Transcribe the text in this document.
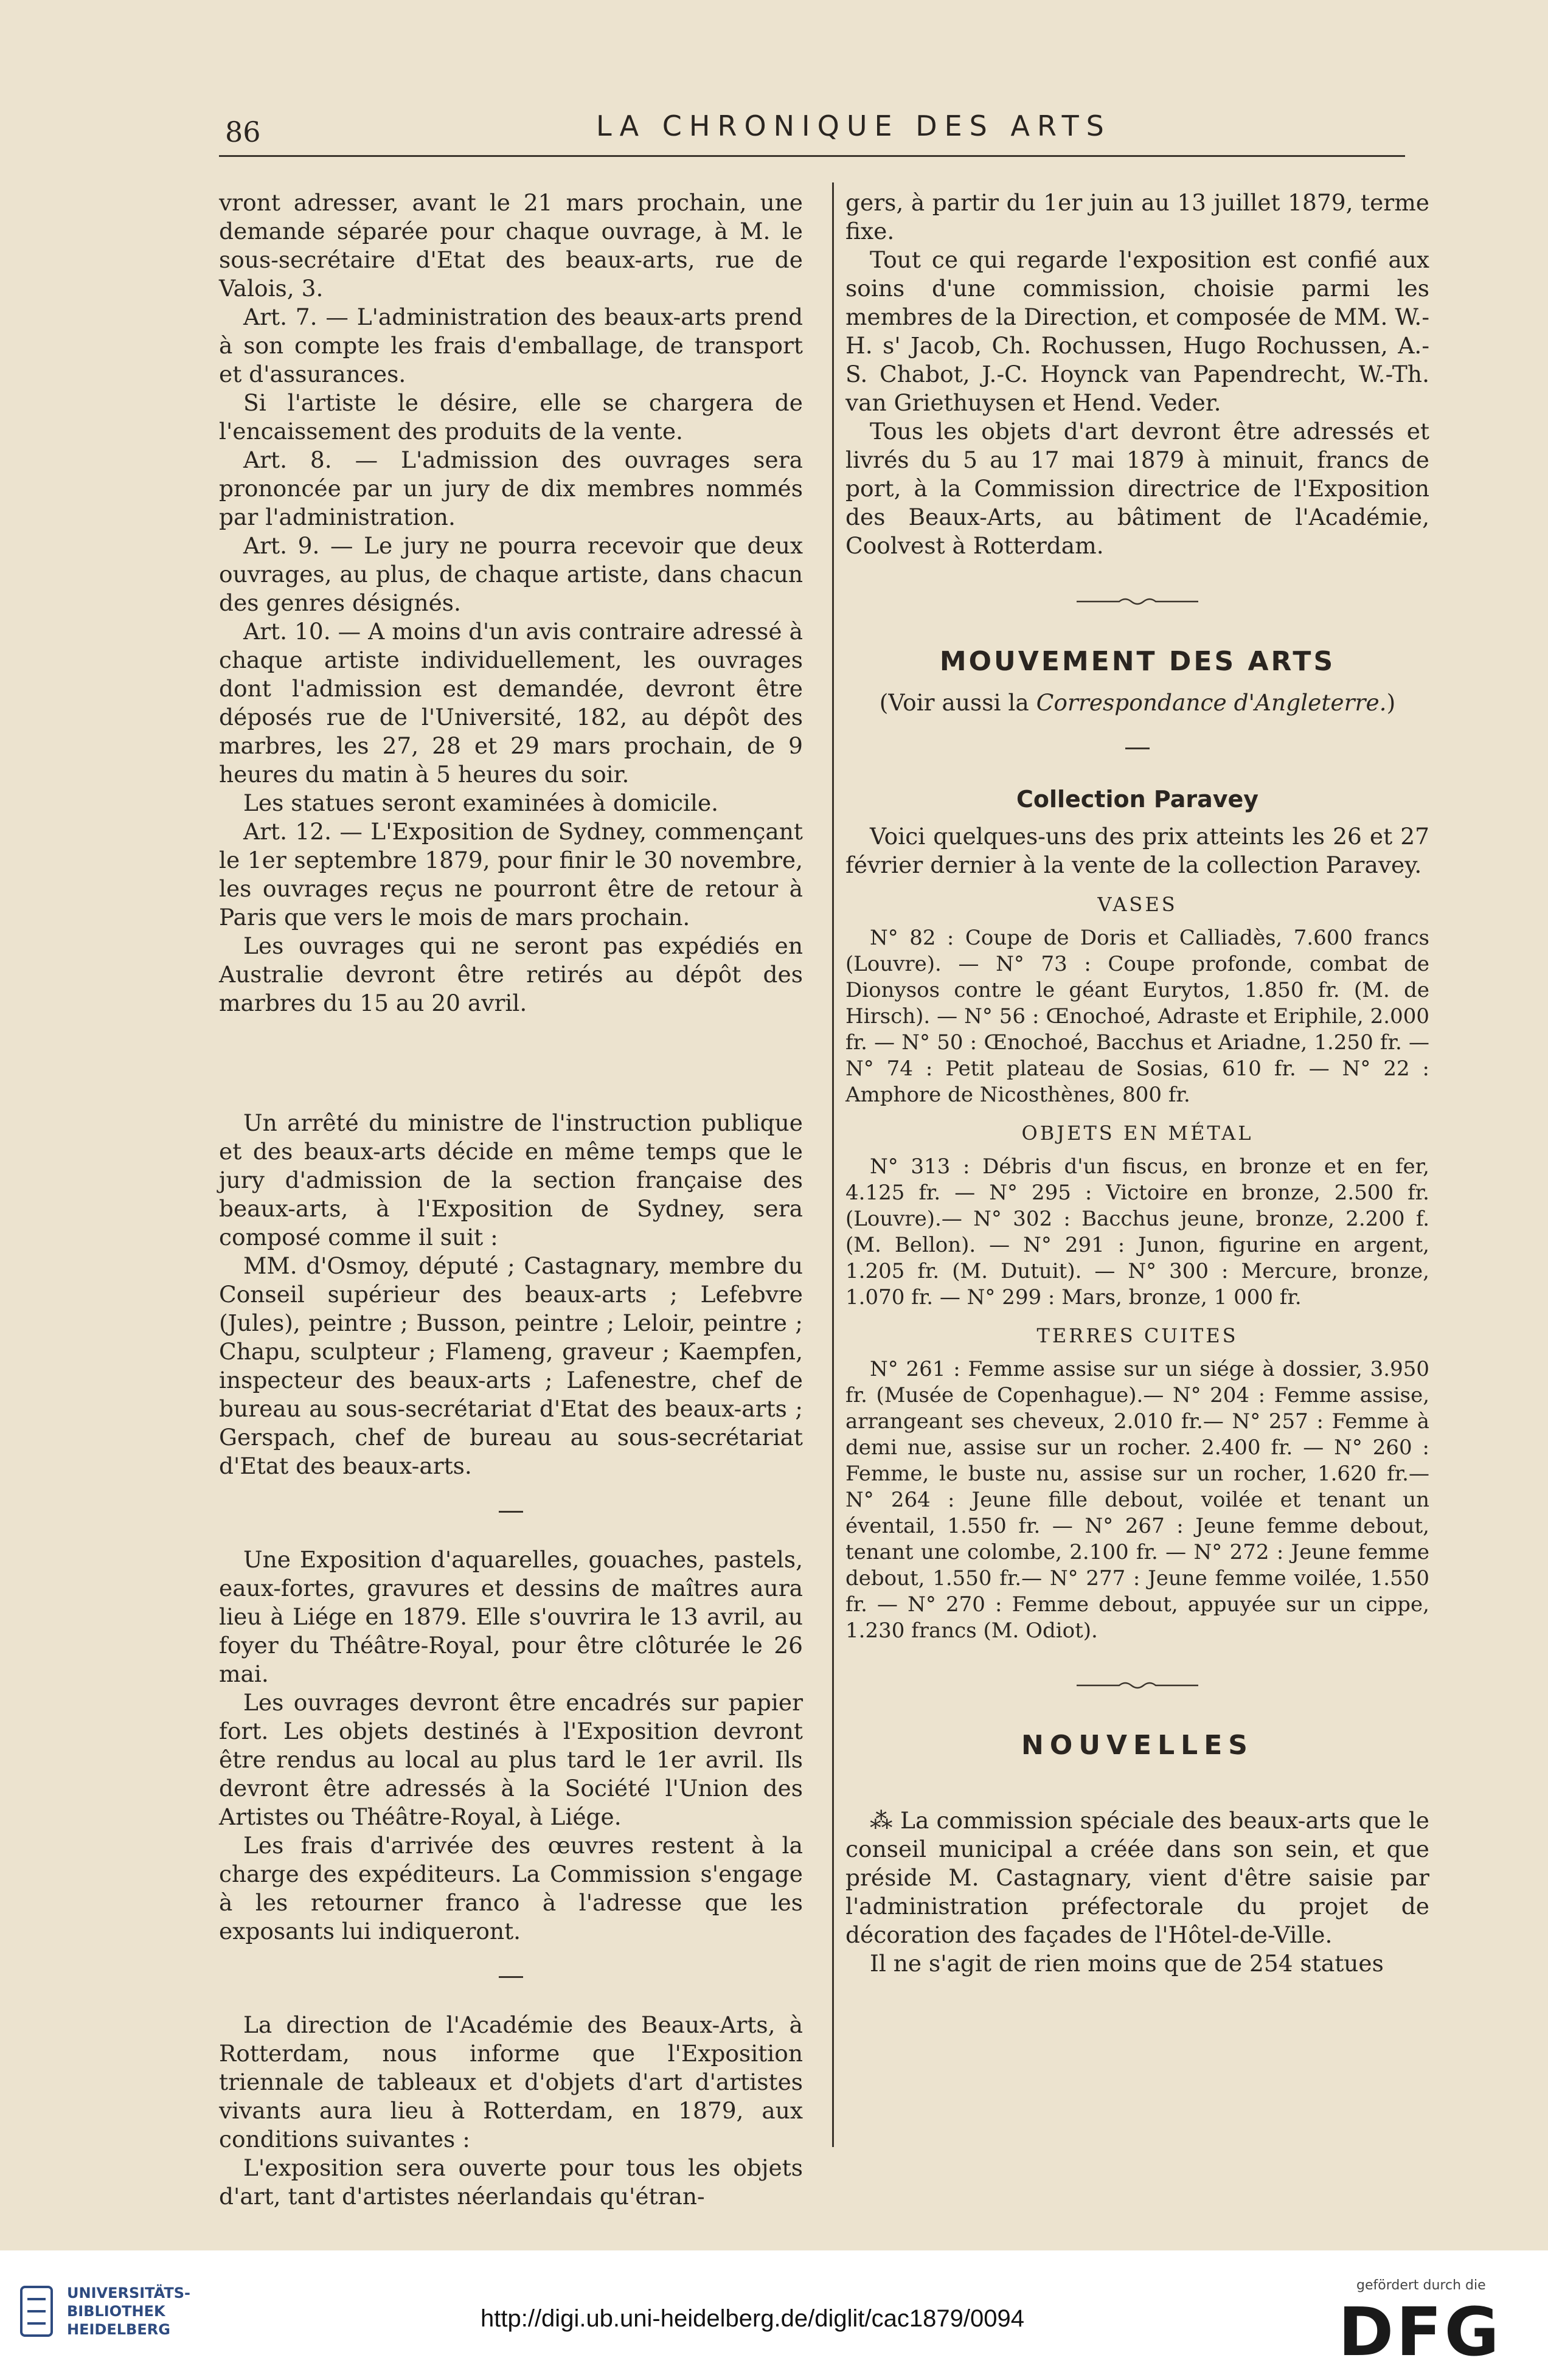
86	LA CHRONIQUE DES ARTS

vront adresser, avant le 21 mars prochain, une demande séparée pour chaque ouvrage, à M. le sous-secrétaire d'Etat des beaux-arts, rue de Valois, 3.

Art. 7. — L'administration des beaux-arts prend à son compte les frais d'emballage, de transport et d'assurances.

Si l'artiste le désire, elle se chargera de l'encaissement des produits de la vente.

Art. 8. — L'admission des ouvrages sera prononcée par un jury de dix membres nommés par l'administration.

Art. 9. — Le jury ne pourra recevoir que deux ouvrages, au plus, de chaque artiste, dans chacun des genres désignés.

Art. 10. — A moins d'un avis contraire adressé à chaque artiste individuellement, les ouvrages dont l'admission est demandée, devront être déposés rue de l'Université, 182, au dépôt des marbres, les 27, 28 et 29 mars prochain, de 9 heures du matin à 5 heures du soir.

Les statues seront examinées à domicile.

Art. 12. — L'Exposition de Sydney, commençant le 1er septembre 1879, pour finir le 30 novembre, les ouvrages reçus ne pourront être de retour à Paris que vers le mois de mars prochain.

Les ouvrages qui ne seront pas expédiés en Australie devront être retirés au dépôt des marbres du 15 au 20 avril.

Un arrêté du ministre de l'instruction publique et des beaux-arts décide en même temps que le jury d'admission de la section française des beaux-arts, à l'Exposition de Sydney, sera composé comme il suit :

MM. d'Osmoy, député ; Castagnary, membre du Conseil supérieur des beaux-arts ; Lefebvre (Jules), peintre ; Busson, peintre ; Leloir, peintre ; Chapu, sculpteur ; Flameng, graveur ; Kaempfen, inspecteur des beaux-arts ; Lafenestre, chef de bureau au sous-secrétariat d'Etat des beaux-arts ; Gerspach, chef de bureau au sous-secrétariat d'Etat des beaux-arts.

Une Exposition d'aquarelles, gouaches, pastels, eaux-fortes, gravures et dessins de maîtres aura lieu à Liége en 1879. Elle s'ouvrira le 13 avril, au foyer du Théâtre-Royal, pour être clôturée le 26 mai.

Les ouvrages devront être encadrés sur papier fort. Les objets destinés à l'Exposition devront être rendus au local au plus tard le 1er avril. Ils devront être adressés à la Société l'Union des Artistes ou Théâtre-Royal, à Liége.

Les frais d'arrivée des œuvres restent à la charge des expéditeurs. La Commission s'engage à les retourner franco à l'adresse que les exposants lui indiqueront.

La direction de l'Académie des Beaux-Arts, à Rotterdam, nous informe que l'Exposition triennale de tableaux et d'objets d'art d'artistes vivants aura lieu à Rotterdam, en 1879, aux conditions suivantes :

L'exposition sera ouverte pour tous les objets d'art, tant d'artistes néerlandais qu'étran-

gers, à partir du 1er juin au 13 juillet 1879, terme fixe.

Tout ce qui regarde l'exposition est confié aux soins d'une commission, choisie parmi les membres de la Direction, et composée de MM. W.-H. s' Jacob, Ch. Rochussen, Hugo Rochussen, A.-S. Chabot, J.-C. Hoynck van Papendrecht, W.-Th. van Griethuysen et Hend. Veder.

Tous les objets d'art devront être adressés et livrés du 5 au 17 mai 1879 à minuit, francs de port, à la Commission directrice de l'Exposition des Beaux-Arts, au bâtiment de l'Académie, Coolvest à Rotterdam.

MOUVEMENT DES ARTS

(Voir aussi la Correspondance d'Angleterre.)

Collection Paravey

Voici quelques-uns des prix atteints les 26 et 27 février dernier à la vente de la collection Paravey.

VASES

N° 82 : Coupe de Doris et Calliadès, 7.600 francs (Louvre). — N° 73 : Coupe profonde, combat de Dionysos contre le géant Eurytos, 1.850 fr. (M. de Hirsch). — N° 56 : Œnochoé, Adraste et Eriphile, 2.000 fr. — N° 50 : Œnochoé, Bacchus et Ariadne, 1.250 fr. — N° 74 : Petit plateau de Sosias, 610 fr. — N° 22 : Amphore de Nicosthènes, 800 fr.

OBJETS EN MÉTAL

N° 313 : Débris d'un fiscus, en bronze et en fer, 4.125 fr. — N° 295 : Victoire en bronze, 2.500 fr. (Louvre).— N° 302 : Bacchus jeune, bronze, 2.200 f. (M. Bellon). — N° 291 : Junon, figurine en argent, 1.205 fr. (M. Dutuit). — N° 300 : Mercure, bronze, 1.070 fr. — N° 299 : Mars, bronze, 1 000 fr.

TERRES CUITES

N° 261 : Femme assise sur un siége à dossier, 3.950 fr. (Musée de Copenhague).— N° 204 : Femme assise, arrangeant ses cheveux, 2.010 fr.— N° 257 : Femme à demi nue, assise sur un rocher. 2.400 fr. — N° 260 : Femme, le buste nu, assise sur un rocher, 1.620 fr.— N° 264 : Jeune fille debout, voilée et tenant un éventail, 1.550 fr. — N° 267 : Jeune femme debout, tenant une colombe, 2.100 fr. — N° 272 : Jeune femme debout, 1.550 fr.— N° 277 : Jeune femme voilée, 1.550 fr. — N° 270 : Femme debout, appuyée sur un cippe, 1.230 francs (M. Odiot).

NOUVELLES

⁂ La commission spéciale des beaux-arts que le conseil municipal a créée dans son sein, et que préside M. Castagnary, vient d'être saisie par l'administration préfectorale du projet de décoration des façades de l'Hôtel-de-Ville.

Il ne s'agit de rien moins que de 254 statues

UNIVERSITÄTS-
BIBLIOTHEK
HEIDELBERG	http://digi.ub.uni-heidelberg.de/diglit/cac1879/0094
gefördert durch die
DFG
